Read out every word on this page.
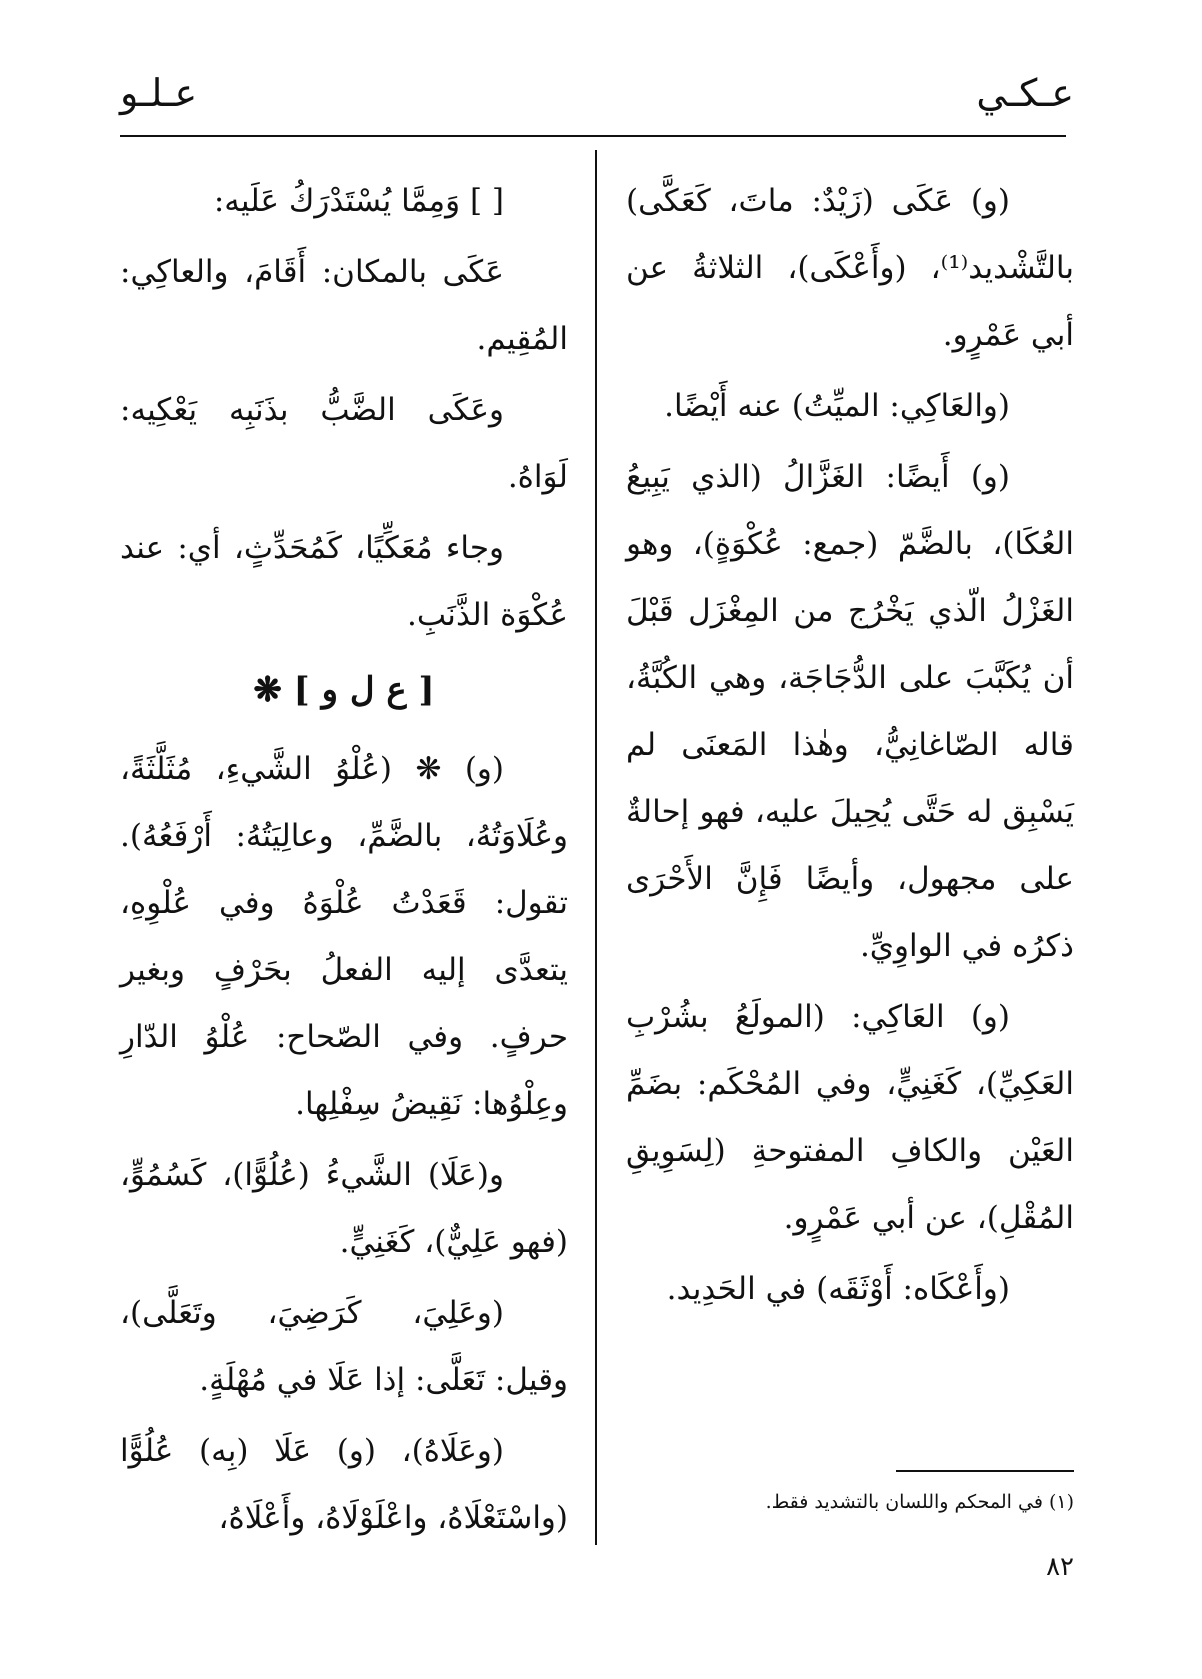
عـكـي
عـلـو

(و) عَكَى (زَيْدٌ: ماتَ، كَعَكَّى) بالتَّشْديد⁽¹⁾، (وأَعْكَى)، الثلاثةُ عن أبي عَمْرٍو.

(والعَاكِي: الميِّتُ) عنه أَيْضًا.

(و) أَيضًا: الغَزَّالُ (الذي يَبِيعُ العُكَا)، بالضَّمّ (جمع: عُكْوَةٍ)، وهو الغَزْلُ الّذي يَخْرُج من المِغْزَل قَبْلَ أن يُكَبَّبَ على الدُّجَاجَة، وهي الكُبَّةُ، قاله الصّاغانِيُّ، وهٰذا المَعنَى لم يَسْبِق له حَتَّى يُحِيلَ عليه، فهو إحالةٌ على مجهول، وأيضًا فَإِنَّ الأَحْرَى ذكرُه في الواوِيِّ.

(و) العَاكِي: (المولَعُ بشُرْبِ العَكِيِّ)، كَغَنِيٍّ، وفي المُحْكَم: بضَمِّ العَيْن والكافِ المفتوحةِ (لِسَوِيقِ المُقْلِ)، عن أبي عَمْرٍو.

(وأَعْكَاه: أَوْثَقَه) في الحَدِيد.

(١) في المحكم واللسان بالتشديد فقط.

[ ] وَمِمَّا يُسْتَدْرَكُ عَلَيه:

عَكَى بالمكان: أَقَامَ، والعاكِي: المُقِيم.

وعَكَى الضَّبُّ بذَنَبِه يَعْكِيه: لَوَاهُ.

وجاء مُعَكِّيًا، كَمُحَدِّثٍ، أي: عند عُكْوَة الذَّنَبِ.

[ ع ل و ] ❋

(و) ❋ (عُلْوُ الشَّيءِ، مُثَلَّثَةً، وعُلَاوَتُهُ، بالضَّمِّ، وعالِيَتُهُ: أَرْفَعُهُ). تقول: قَعَدْتُ عُلْوَهُ وفي عُلْوِهِ، يتعدَّى إليه الفعلُ بحَرْفٍ وبغير حرفٍ. وفي الصّحاح: عُلْوُ الدّارِ وعِلْوُها: نَقِيضُ سِفْلِها.

و(عَلَا) الشَّيءُ (عُلُوًّا)، كَسُمُوٍّ، (فهو عَلِيٌّ)، كَغَنِيٍّ.

(وعَلِيَ، كَرَضِيَ، وتَعَلَّى)، وقيل: تَعَلَّى: إذا عَلَا في مُهْلَةٍ.

(وعَلَاهُ)، (و) عَلَا (بِه) عُلُوًّا (واسْتَعْلَاهُ، واعْلَوْلَاهُ، وأَعْلَاهُ،

٨٢
